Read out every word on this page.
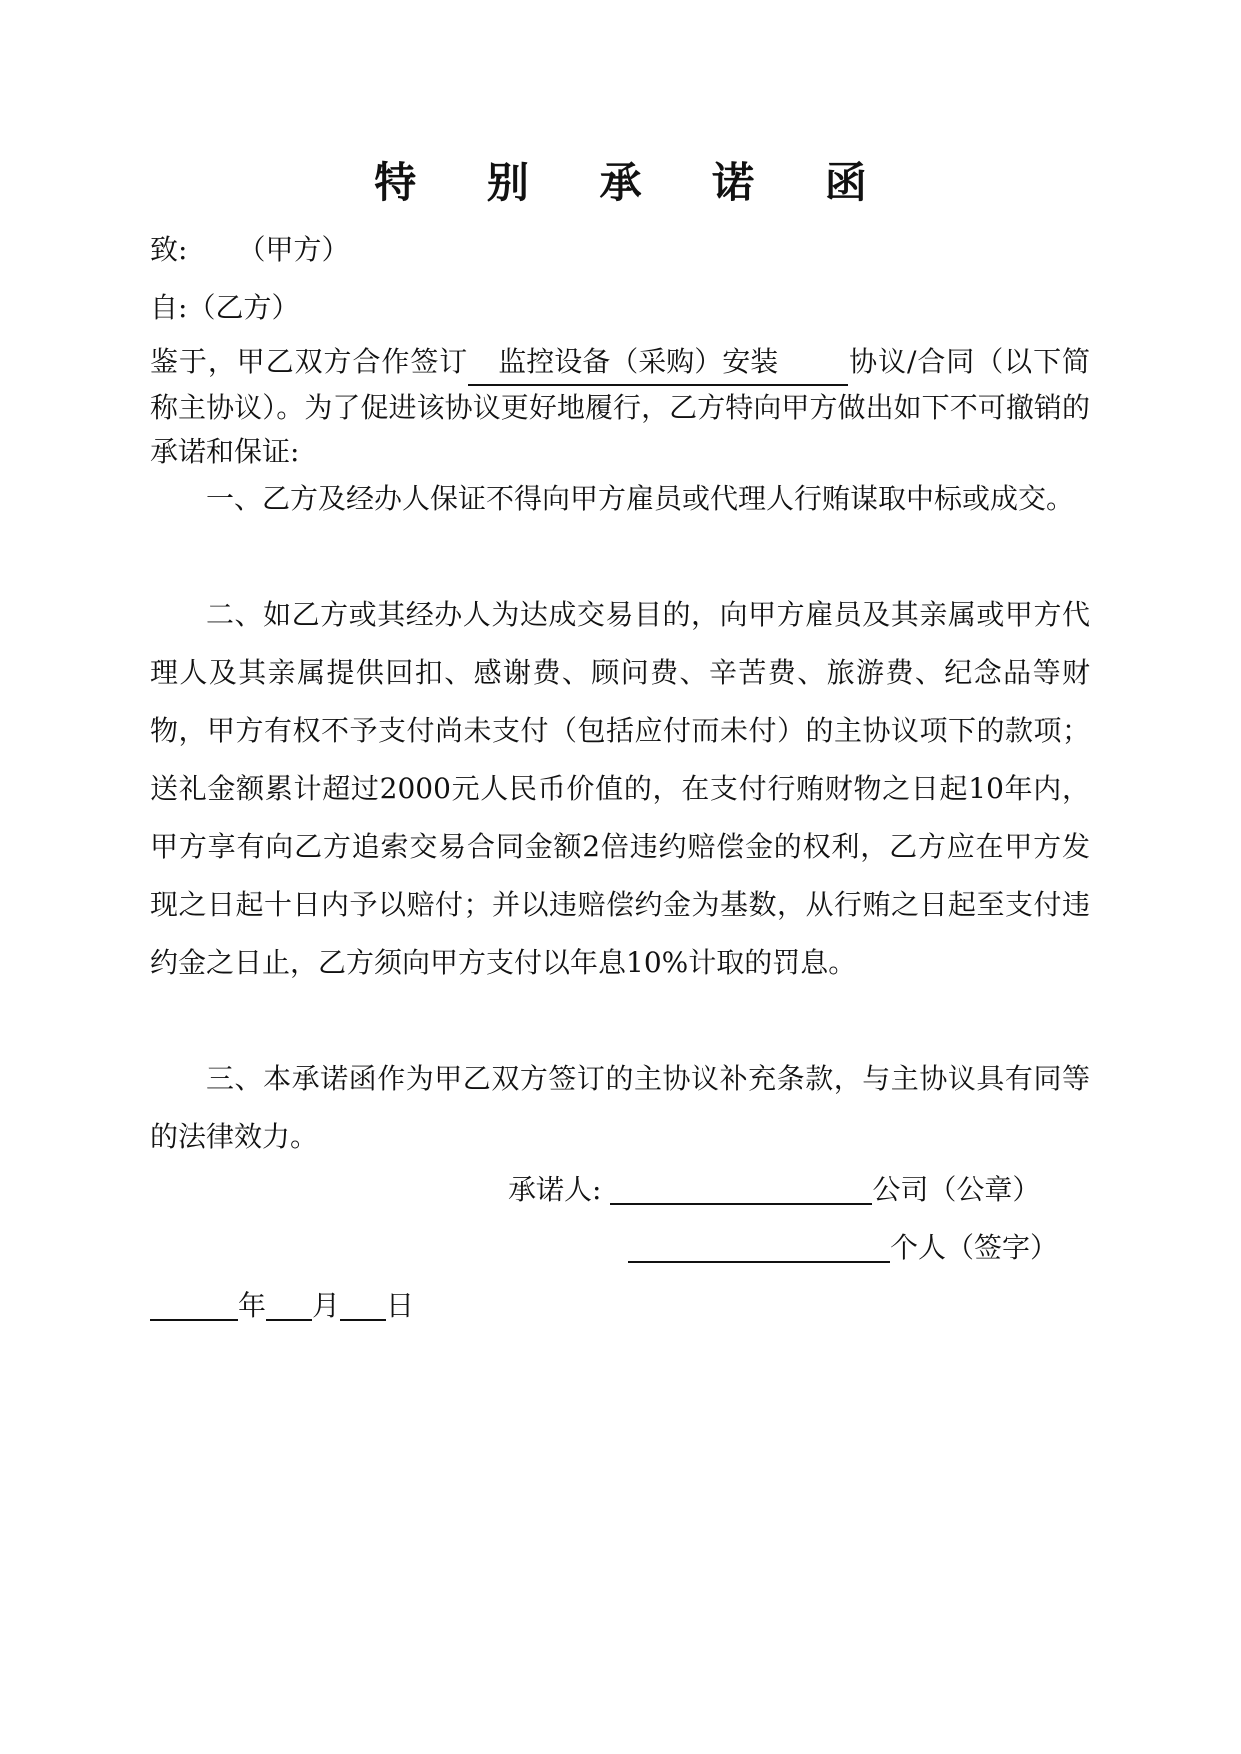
特 别 承 诺 函
致: （甲方）
自:（乙方）

鉴于，甲乙双方合作签订 监控设备（采购）安装	协议/合同（以下简称主协议）。为了促进该协议更好地履行，乙方特向甲方做出如下不可撤销的承诺和保证:

一、乙方及经办人保证不得向甲方雇员或代理人行贿谋取中标或成交。

二、如乙方或其经办人为达成交易目的，向甲方雇员及其亲属或甲方代理人及其亲属提供回扣、感谢费、顾问费、辛苦费、旅游费、纪念品等财物，甲方有权不予支付尚未支付（包括应付而未付）的主协议项下的款项；送礼金额累计超过2000元人民币价值的，在支付行贿财物之日起10年内，甲方享有向乙方追索交易合同金额2倍违约赔偿金的权利，乙方应在甲方发现之日起十日内予以赔付；并以违赔偿约金为基数，从行贿之日起至支付违约金之日止，乙方须向甲方支付以年息10%计取的罚息。

三、本承诺函作为甲乙双方签订的主协议补充条款，与主协议具有同等的法律效力。

承诺人:	公司（公章）
个人（签字）
年 月 日
